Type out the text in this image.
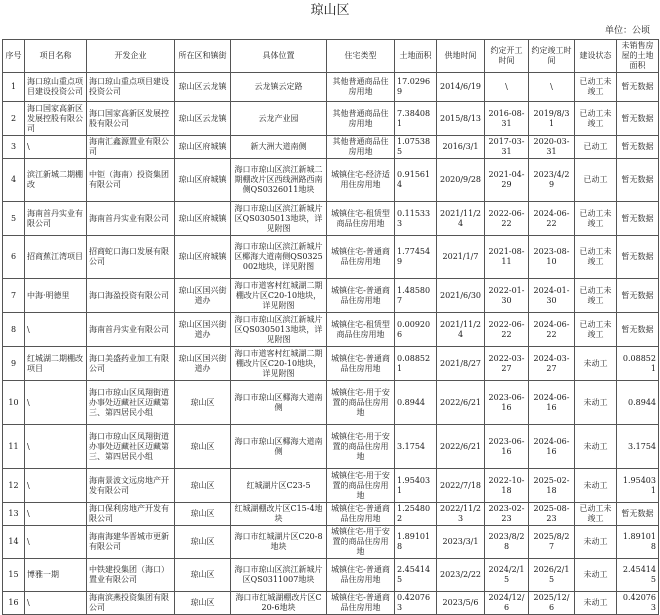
琼山区
单位：公顷
序号	项目名称	开发企业	所在区和镇街	具体位置	住宅类型	土地面积	供地时间	约定开工时间	约定竣工时间	建设状态	未销售房屋的土地面积
1	海口琼山重点项目建设投资公司	海口琼山重点项目建设投资公司	琼山区云龙镇	云龙镇云定路	其他普通商品住房用地	17.02969	2014/6/19	\	\	已动工未竣工	暂无数据
2	海口国家高新区发展控股有限公司	海口国家高新区发展控股有限公司	琼山区云龙镇	云龙产业园	其他普通商品住房用地	7.384081	2015/8/13	2016-08-31	2019/8/31	已动工未竣工	暂无数据
3	\	海南汇鑫源置业有限公司	琼山区府城镇	新大洲大道南侧	其他普通商品住房用地	1.075385	2016/3/1	2017-03-31	2020-03-31	已动工	暂无数据
4	滨江新城二期棚改	中钜（海南）投资集团有限公司	琼山区府城镇	海口市琼山区滨江新城二期棚改片区西线洲路西南侧QS0326011地块	城镇住宅-经济适用住房用地	0.915614	2020/9/28	2021-04-29	2023/4/29	已动工	暂无数据
5	海南首丹实业有限公司	海南首丹实业有限公司	琼山区府城镇	海口市琼山区滨江新城片区QS0305013地块，详见附图	城镇住宅-租赁型商品住房用地	0.115333	2021/11/24	2022-06-22	2024-06-22	已动工未竣工	暂无数据
6	招商蕉江湾项目	招商蛇口海口发展有限公司	琼山区府城镇	海口市琼山区滨江新城片区椰海大道南侧QS0325002地块，详见附图	城镇住宅-普通商品住房用地	1.774549	2021/1/7	2021-08-11	2023-08-10	已动工未竣工	暂无数据
7	中海·明德里	海口海盈投资有限公司	琼山区国兴街道办	海口市道客村红城湖二期棚改片区C20-10地块，详见附图	城镇住宅-普通商品住房用地	1.485807	2021/6/30	2022-01-30	2024-01-30	已动工未竣工	暂无数据
8	\	海南首丹实业有限公司	琼山区国兴街道办	海口市琼山区滨江新城片区QS0305013地块，详见附图	城镇住宅-租赁型商品住房用地	0.009206	2021/11/24	2022-06-22	2024-06-22	已动工未竣工	暂无数据
9	红城湖二期棚改项目	海口美盛药业加工有限公司	琼山区国兴街道办	海口市道客村红城湖二期棚改片区C20-10地块，详见附图	城镇住宅-普通商品住房用地	0.088521	2021/8/27	2022-03-27	2024-03-27	未动工	0.088521
10	\	海口市琼山区凤翔街道办事处迈藏社区迈藏第三、第四居民小组	琼山区	海口市琼山区椰海大道南侧	城镇住宅-用于安置的商品住房用地	0.8944	2022/6/21	2023-06-16	2024-06-16	未动工	0.8944
11	\	海口市琼山区凤翔街道办事处迈藏社区迈藏第三、第四居民小组	琼山区	海口市琼山区椰海大道南侧	城镇住宅-用于安置的商品住房用地	3.1754	2022/6/21	2023-06-16	2024-06-16	未动工	3.1754
12	\	海南景波文远房地产开发有限公司	琼山区	红城湖片区C23-5	城镇住宅-用于安置的商品住房用地	1.954031	2022/7/18	2022-10-18	2025-02-18	未动工	1.954031
13	\	海口保利房地产开发有限公司	琼山区	红城湖棚改片区C15-4地块	城镇住宅-普通商品住房用地	1.254802	2022/11/23	2023-02-23	2025-08-23	已动工未竣工	暂无数据
14	\	海南海建华晋城市更新有限公司	琼山区	海口市红城湖片区C20-8地块	城镇住宅-用于安置的商品住房用地	1.891018	2023/3/1	2023/8/28	2025/8/27	未动工	1.891018
15	博雅一期	中铁建投集团（海口）置业有限公司	琼山区	海口市琼山区滨江新城片区QS0311007地块	城镇住宅-普通商品住房用地	2.454145	2023/2/22	2024/2/15	2026/2/15	未动工	2.454145
16	\	海南滨燕投资集团有限公司	琼山区	海口市红城湖棚改片区C20-6地块	城镇住宅-普通商品住房用地	0.420763	2023/5/6	2024/12/6	2025/12/6	未动工	0.420763
